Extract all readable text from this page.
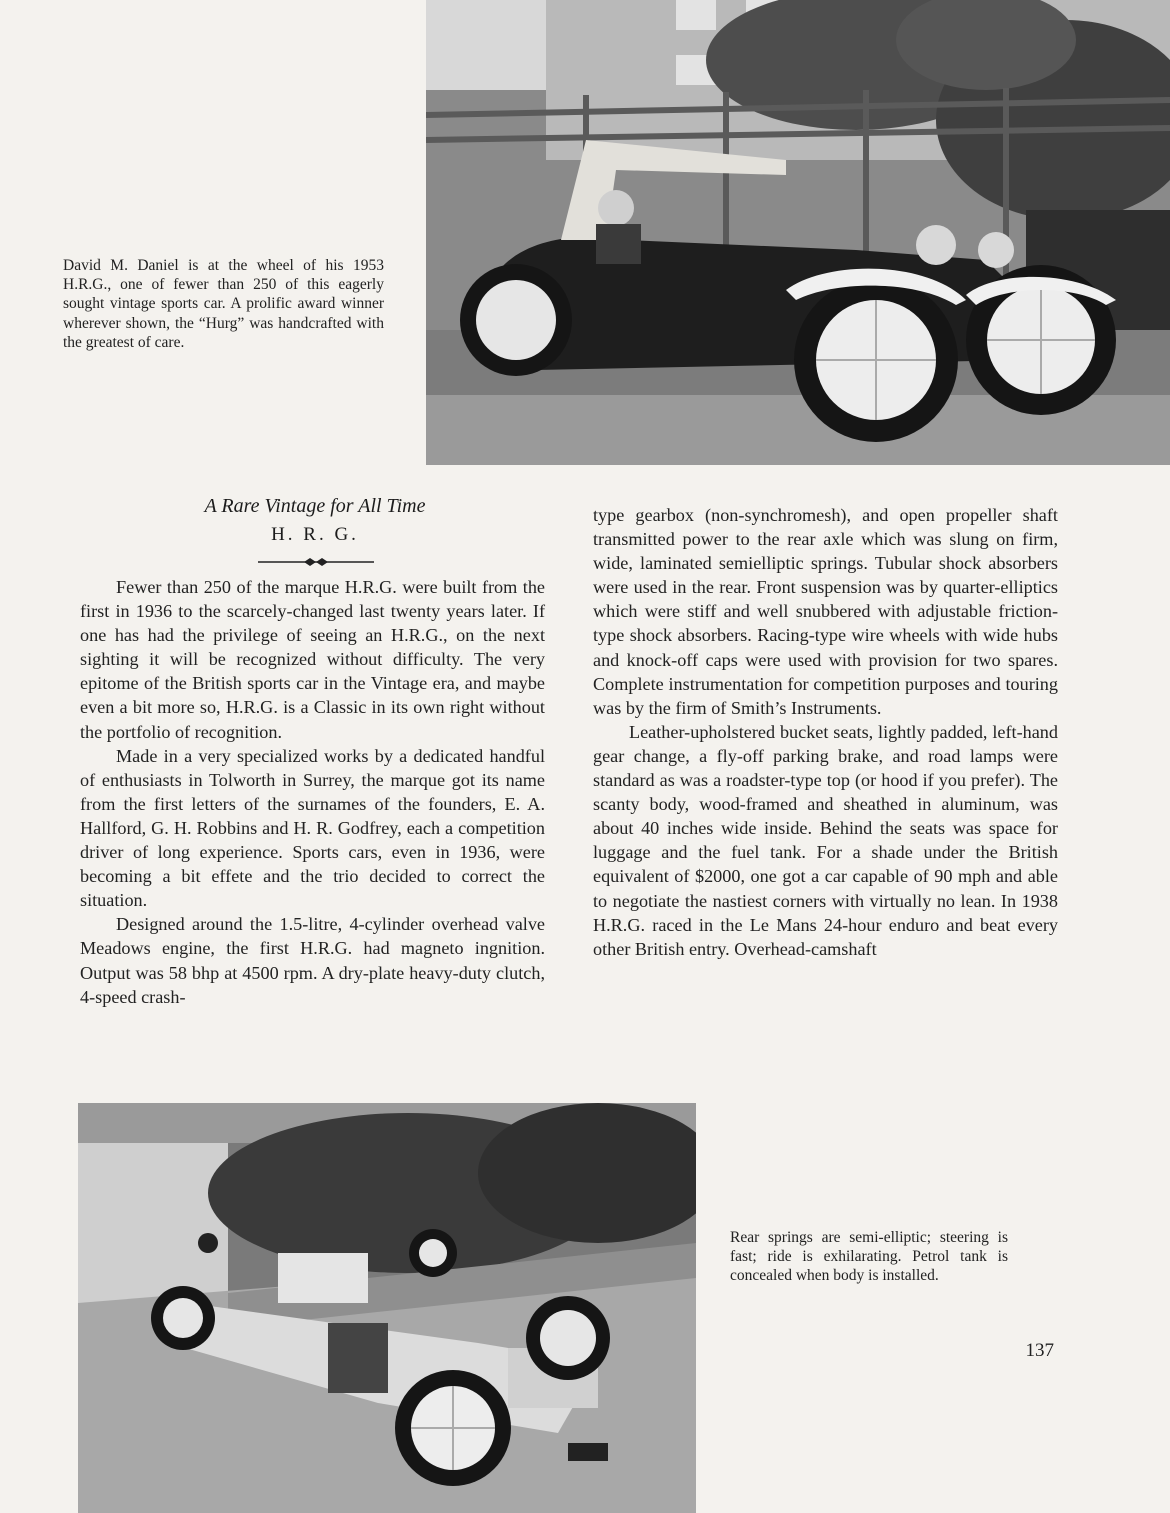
David M. Daniel is at the wheel of his 1953 H.R.G., one of fewer than 250 of this eagerly sought vintage sports car. A prolific award winner wherever shown, the “Hurg” was handcrafted with the greatest of care.
A Rare Vintage for All Time
H. R. G.

Fewer than 250 of the marque H.R.G. were built from the first in 1936 to the scarcely-changed last twenty years later. If one has had the privilege of seeing an H.R.G., on the next sighting it will be recognized without difficulty. The very epitome of the British sports car in the Vintage era, and maybe even a bit more so, H.R.G. is a Classic in its own right without the portfolio of recognition.

Made in a very specialized works by a dedicated handful of enthusiasts in Tolworth in Surrey, the marque got its name from the first letters of the surnames of the founders, E. A. Hallford, G. H. Robbins and H. R. Godfrey, each a competition driver of long experience. Sports cars, even in 1936, were becoming a bit effete and the trio decided to correct the situation.

Designed around the 1.5-litre, 4-cylinder overhead valve Meadows engine, the first H.R.G. had magneto ingnition. Output was 58 bhp at 4500 rpm. A dry-plate heavy-duty clutch, 4-speed crash-

type gearbox (non-synchromesh), and open propeller shaft transmitted power to the rear axle which was slung on firm, wide, laminated semielliptic springs. Tubular shock absorbers were used in the rear. Front suspension was by quarter-elliptics which were stiff and well snubbered with adjustable friction-type shock absorbers. Racing-type wire wheels with wide hubs and knock-off caps were used with provision for two spares. Complete instrumentation for competition purposes and touring was by the firm of Smith’s Instruments.

Leather-upholstered bucket seats, lightly padded, left-hand gear change, a fly-off parking brake, and road lamps were standard as was a roadster-type top (or hood if you prefer). The scanty body, wood-framed and sheathed in aluminum, was about 40 inches wide inside. Behind the seats was space for luggage and the fuel tank. For a shade under the British equivalent of $2000, one got a car capable of 90 mph and able to negotiate the nastiest corners with virtually no lean. In 1938 H.R.G. raced in the Le Mans 24-hour enduro and beat every other British entry. Overhead-camshaft

Rear springs are semi-elliptic; steering is fast; ride is exhilarating. Petrol tank is concealed when body is installed.
137
